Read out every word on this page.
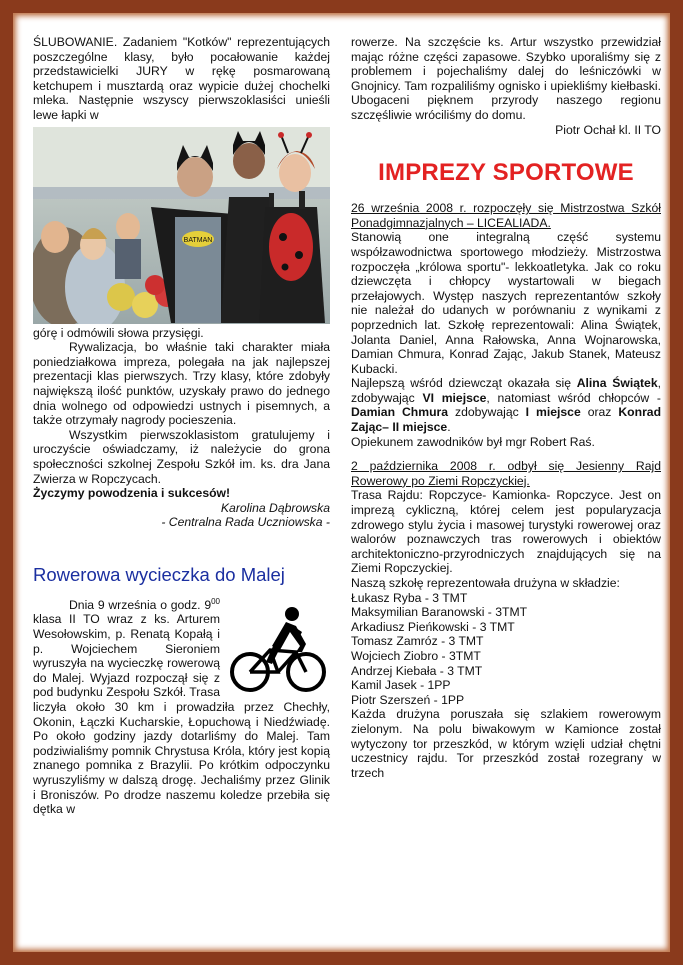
ŚLUBOWANIE. Zadaniem "Kotków" reprezentujących poszczególne klasy, było pocałowanie każdej przedstawicielki JURY w rękę posmarowaną ketchupem i musztardą oraz wypicie dużej chochelki mleka. Następnie wszyscy pierwszoklasiści unieśli lewe łapki w

BATMAN

górę i odmówili słowa przysięgi.

Rywalizacja, bo właśnie taki charakter miała poniedziałkowa impreza, polegała na jak najlepszej prezentacji klas pierwszych. Trzy klasy, które zdobyły największą ilość punktów, uzyskały prawo do jednego dnia wolnego od odpowiedzi ustnych i pisemnych, a także otrzymały nagrody pocieszenia.

Wszystkim pierwszoklasistom gratulujemy i uroczyście oświadczamy, iż należycie do grona społeczności szkolnej Zespołu Szkół im. ks. dra Jana Zwierza w Ropczycach.

Życzymy powodzenia i sukcesów!

Karolina Dąbrowska

- Centralna Rada Uczniowska -

Rowerowa wycieczka do Malej

Dnia 9 września o godz. $9^{00}$ klasa II TO wraz z ks. Arturem Wesołowskim, p. Renatą Kopałą i p. Wojciechem Sieroniem wyruszyła na wycieczkę rowerową do Malej. Wyjazd rozpoczął się z pod budynku Zespołu Szkół. Trasa liczyła około 30 km i prowadziła przez Chechły, Okonin, Łączki Kucharskie, Łopuchową i Niedźwiadę. Po około godziny jazdy dotarliśmy do Malej. Tam podziwialiśmy pomnik Chrystusa Króla, który jest kopią znanego pomnika z Brazylii. Po krótkim odpoczynku wyruszyliśmy w dalszą drogę. Jechaliśmy przez Glinik i Broniszów. Po drodze naszemu koledze przebiła się dętka w

rowerze. Na szczęście ks. Artur wszystko przewidział mając różne części zapasowe. Szybko uporaliśmy się z problemem i pojechaliśmy dalej do leśniczówki w Gnojnicy. Tam rozpaliliśmy ognisko i upiekliśmy kiełbaski. Ubogaceni pięknem przyrody naszego regionu szczęśliwie wróciliśmy do domu.

Piotr Ochał kl. II TO

IMPREZY SPORTOWE

26 września 2008 r. rozpoczęły się Mistrzostwa Szkół Ponadgimnazjalnych – LICEALIADA.

Stanowią one integralną część systemu współzawodnictwa sportowego młodzieży. Mistrzostwa rozpoczęła „królowa sportu"- lekkoatletyka. Jak co roku dziewczęta i chłopcy wystartowali w biegach przełajowych. Występ naszych reprezentantów szkoły nie należał do udanych w porównaniu z wynikami z poprzednich lat. Szkołę reprezentowali: Alina Świątek, Jolanta Daniel, Anna Rałowska, Anna Wojnarowska, Damian Chmura, Konrad Zając, Jakub Stanek, Mateusz Kubacki.

Najlepszą wśród dziewcząt okazała się Alina Świątek, zdobywając VI miejsce, natomiast wśród chłopców - Damian Chmura zdobywając I miejsce oraz Konrad Zając– II miejsce.

Opiekunem zawodników był mgr Robert Raś.

2 października 2008 r. odbył się Jesienny Rajd Rowerowy po Ziemi Ropczyckiej.

Trasa Rajdu: Ropczyce- Kamionka- Ropczyce. Jest on imprezą cykliczną, której celem jest popularyzacja zdrowego stylu życia i masowej turystyki rowerowej oraz walorów poznawczych tras rowerowych i obiektów architektoniczno-przyrodniczych znajdujących się na Ziemi Ropczyckiej.

Naszą szkołę reprezentowała drużyna w składzie:

Łukasz Ryba - 3 TMT

Maksymilian Baranowski - 3TMT

Arkadiusz Pieńkowski - 3 TMT

Tomasz Zamróz - 3 TMT

Wojciech Ziobro - 3TMT

Andrzej Kiebała - 3 TMT

Kamil Jasek - 1PP

Piotr Szerszeń - 1PP

Każda drużyna poruszała się szlakiem rowerowym zielonym. Na polu biwakowym w Kamionce został wytyczony tor przeszkód, w którym wzięli udział chętni uczestnicy rajdu. Tor przeszkód został rozegrany w trzech
